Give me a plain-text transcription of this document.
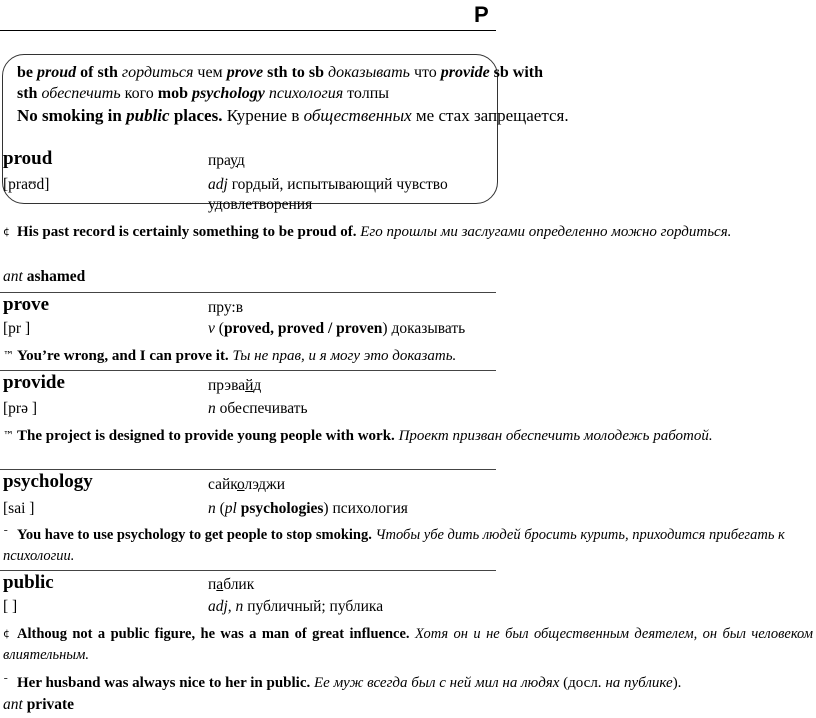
P
be proud of sth гордиться чем prove sth to sb доказывать что provide sb with
sth обеспечить кого mob psychology психология толпы
No smoking in public places. Курение в общественных ме стах запрещается.
proud	прауд
[praʊd]	adj гордый, испытывающий чувство
удовлетворения
¢ His past record is certainly something to be proud of. Его прошлы ми заслугами определенно можно гордиться.
ant ashamed
prove	пру:в
[pr ]	v (proved, proved / proven) доказывать
™ You’re wrong, and I can prove it. Ты не прав, и я могу это доказать.
provide	прэвайд
[prə ]	n обеспечивать
™ The project is designed to provide young people with work. Проект призван обеспечить молодежь работой.
psychology	сайколэджи
[sai ]	n (pl psychologies) психология
ˉ You have to use psychology to get people to stop smoking. Чтобы убе дить людей бросить курить, приходится прибегать к психологии.
public	паблик
[ ]	adj, n публичный; публика
¢ Althoug not a public figure, he was a man of great influence. Хотя он и не был общественным деятелем, он был человеком влиятельным.
ˉ Her husband was always nice to her in public. Ее муж всегда был с ней мил на людях (досл. на публике).
ant private
